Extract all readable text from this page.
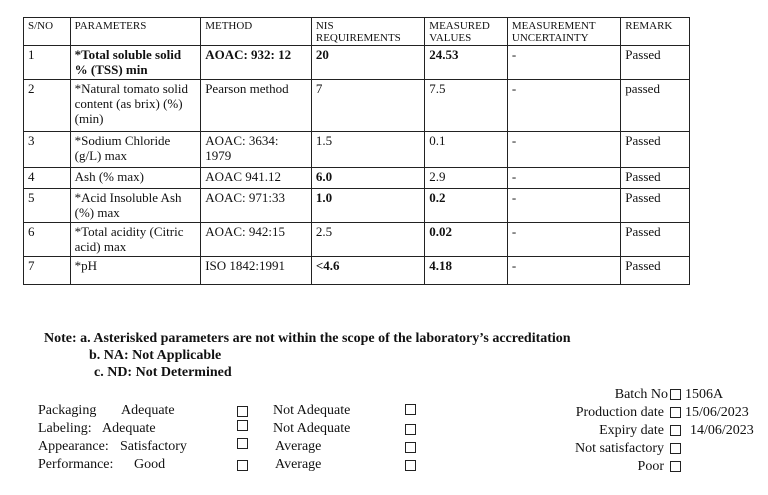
S/NO	PARAMETERS	METHOD	NIS REQUIREMENTS	MEASURED VALUES	MEASUREMENT UNCERTAINTY	REMARK
1	*Total soluble solid % (TSS) min	AOAC: 932: 12	20	24.53	-	Passed
2	*Natural tomato solid content (as brix) (%) (min)	Pearson method	7	7.5	-	passed
3	*Sodium Chloride (g/L) max	AOAC: 3634: 1979	1.5	0.1	-	Passed
4	Ash (% max)	AOAC 941.12	6.0	2.9	-	Passed
5	*Acid Insoluble Ash (%) max	AOAC: 971:33	1.0	0.2	-	Passed
6	*Total acidity (Citric acid) max	AOAC: 942:15	2.5	0.02	-	Passed
7	*pH	ISO 1842:1991	<4.6	4.18	-	Passed
Note: a. Asterisked parameters are not within the scope of the laboratory’s accreditation
b. NA: Not Applicable
c. ND: Not Determined
Packaging Adequate	Not Adequate
Labeling: Adequate	Not Adequate
Appearance: Satisfactory	Average
Performance: Good	Average
Batch No 1506A
Production date 15/06/2023
Expiry date 14/06/2023
Not satisfactory
Poor
